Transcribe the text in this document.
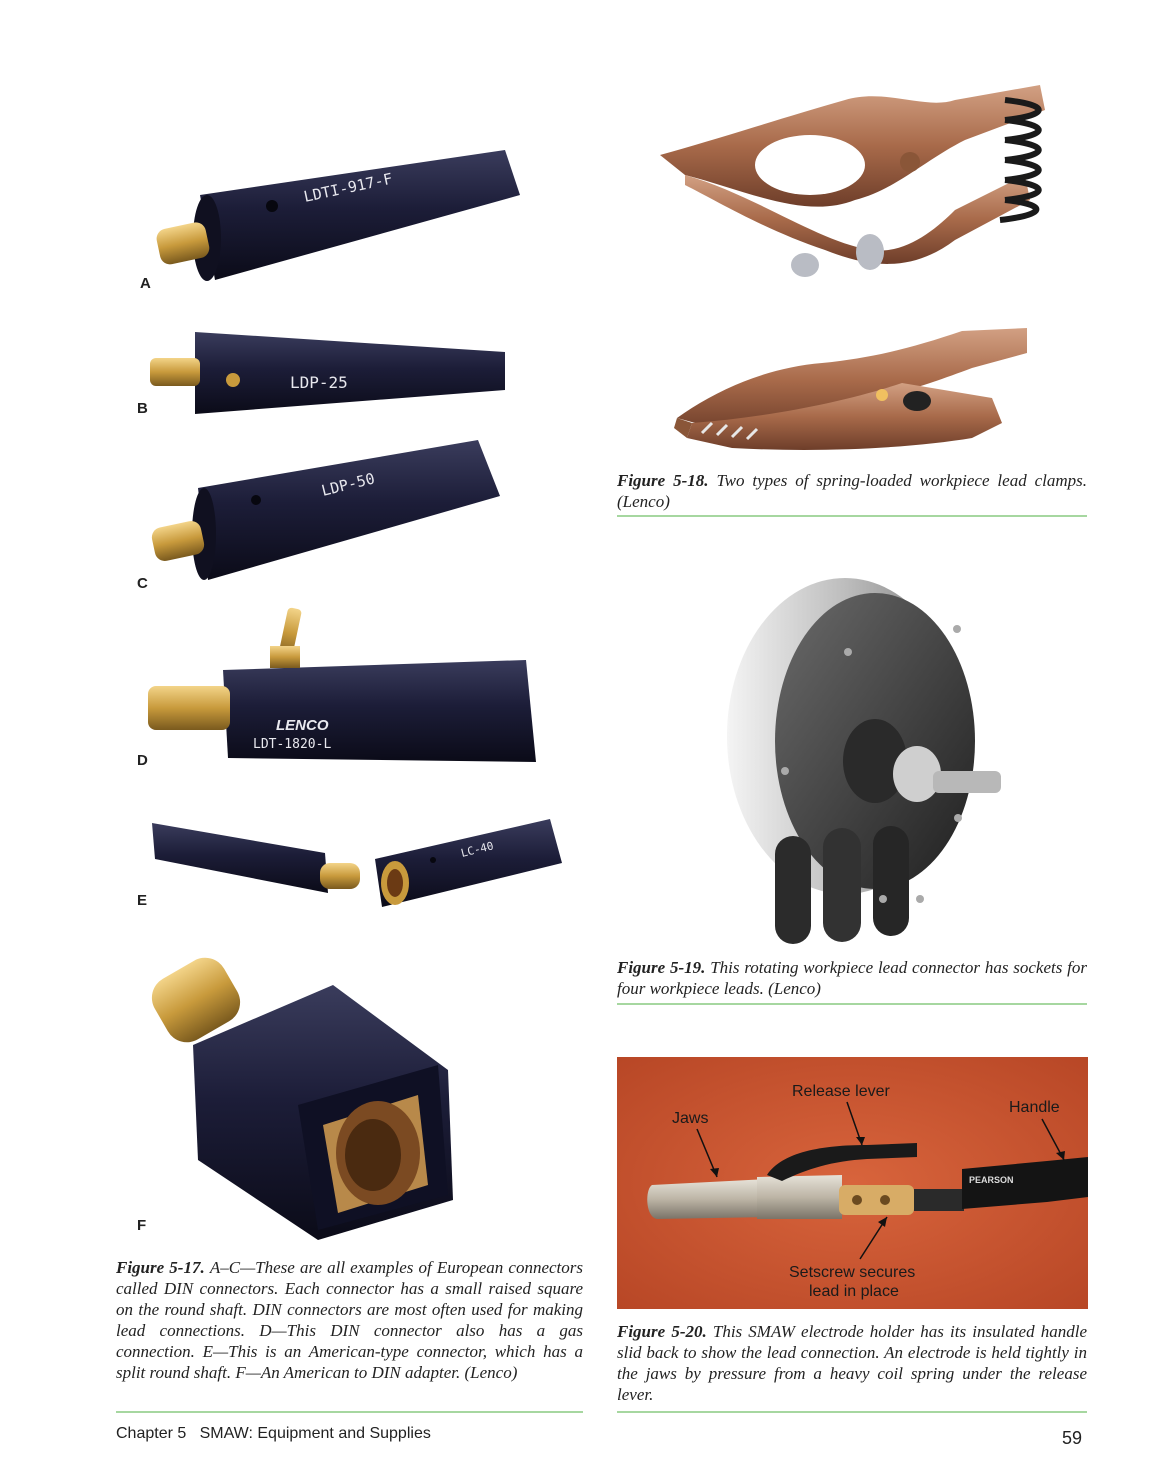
LDTI-917-F
A
LDP-25
B
LDP-50
C
LENCO
LDT-1820-L
D
LC-40
E
F
Figure 5-17. A–C—These are all examples of European connectors called DIN connectors. Each connector has a small raised square on the round shaft. DIN connectors are most often used for making lead connections. D—This DIN connector also has a gas connection. E—This is an American-type connector, which has a split round shaft. F—An American to DIN adapter. (Lenco)
Figure 5-18. Two types of spring-loaded workpiece lead clamps. (Lenco)
Figure 5-19. This rotating workpiece lead connector has sockets for four workpiece leads. (Lenco)
PEARSON
Release lever
Handle
Jaws
Setscrew secures
lead in place
Figure 5-20. This SMAW electrode holder has its insulated handle slid back to show the lead connection. An electrode is held tightly in the jaws by pressure from a heavy coil spring under the release lever.
Chapter 5   SMAW: Equipment and Supplies	59
